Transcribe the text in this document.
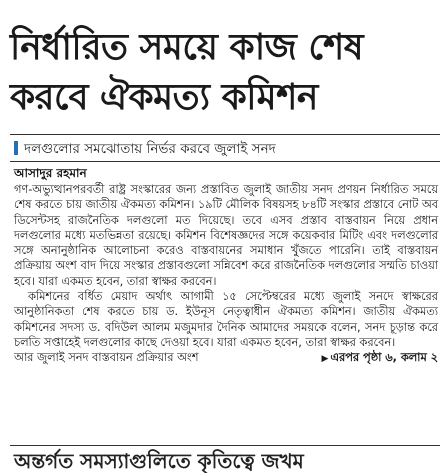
নির্ধারিত সময়ে কাজ শেষ
করবে ঐকমত্য কমিশন
দলগুলোর সমঝোতায় নির্ভর করবে জুলাই সনদ
আসাদুর রহমান

গণ-অভ্যুত্থানপরবর্তী রাষ্ট্র সংস্কারের জন্য প্রস্তাবিত জুলাই জাতীয় সনদ প্রণয়ন নির্ধারিত সময়ে শেষ করতে চায় জাতীয় ঐকমত্য কমিশন। ১৯টি মৌলিক বিষয়সহ ৮৪টি সংস্কার প্রস্তাবে নোট অব ডিসেন্টসহ রাজনৈতিক দলগুলো মত দিয়েছে। তবে এসব প্রস্তাব বাস্তবায়ন নিয়ে প্রধান দলগুলোর মধ্যে মতভিন্নতা রয়েছে। কমিশন বিশেষজ্ঞদের সঙ্গে কয়েকবার মিটিং এবং দলগুলোর সঙ্গে অনানুষ্ঠানিক আলোচনা করেও বাস্তবায়নের সমাধান খুঁজতে পারেনি। তাই বাস্তবায়ন প্রক্রিয়ায় অংশ বাদ দিয়ে সংস্কার প্রস্তাবগুলো সন্নিবেশ করে রাজনৈতিক দলগুলোর সম্মতি চাওয়া হবে। যারা একমত হবেন, তারা স্বাক্ষর করবেন।

কমিশনের বর্ধিত মেয়াদ অর্থাৎ আগামী ১৫ সেপ্টেম্বরের মধ্যে জুলাই সনদে স্বাক্ষরের আনুষ্ঠানিকতা শেষ করতে চায় ড. ইউনূস নেতৃত্বাধীন ঐকমত্য কমিশন। জাতীয় ঐকমত্য কমিশনের সদস্য ড. বদিউল আলম মজুমদার দৈনিক আমাদের সময়কে বলেন, সনদ চূড়ান্ত করে চলতি সপ্তাহেই দলগুলোর কাছে দেওয়া হবে। যারা একমত হবেন, তারা স্বাক্ষর করবেন।

আর জুলাই সনদ বাস্তবায়ন প্রক্রিয়ার অংশ	▶ এরপর পৃষ্ঠা ৬, কলাম ২
অন্তর্গত সমস্যাগুলিতে কৃতিত্বে জখম
